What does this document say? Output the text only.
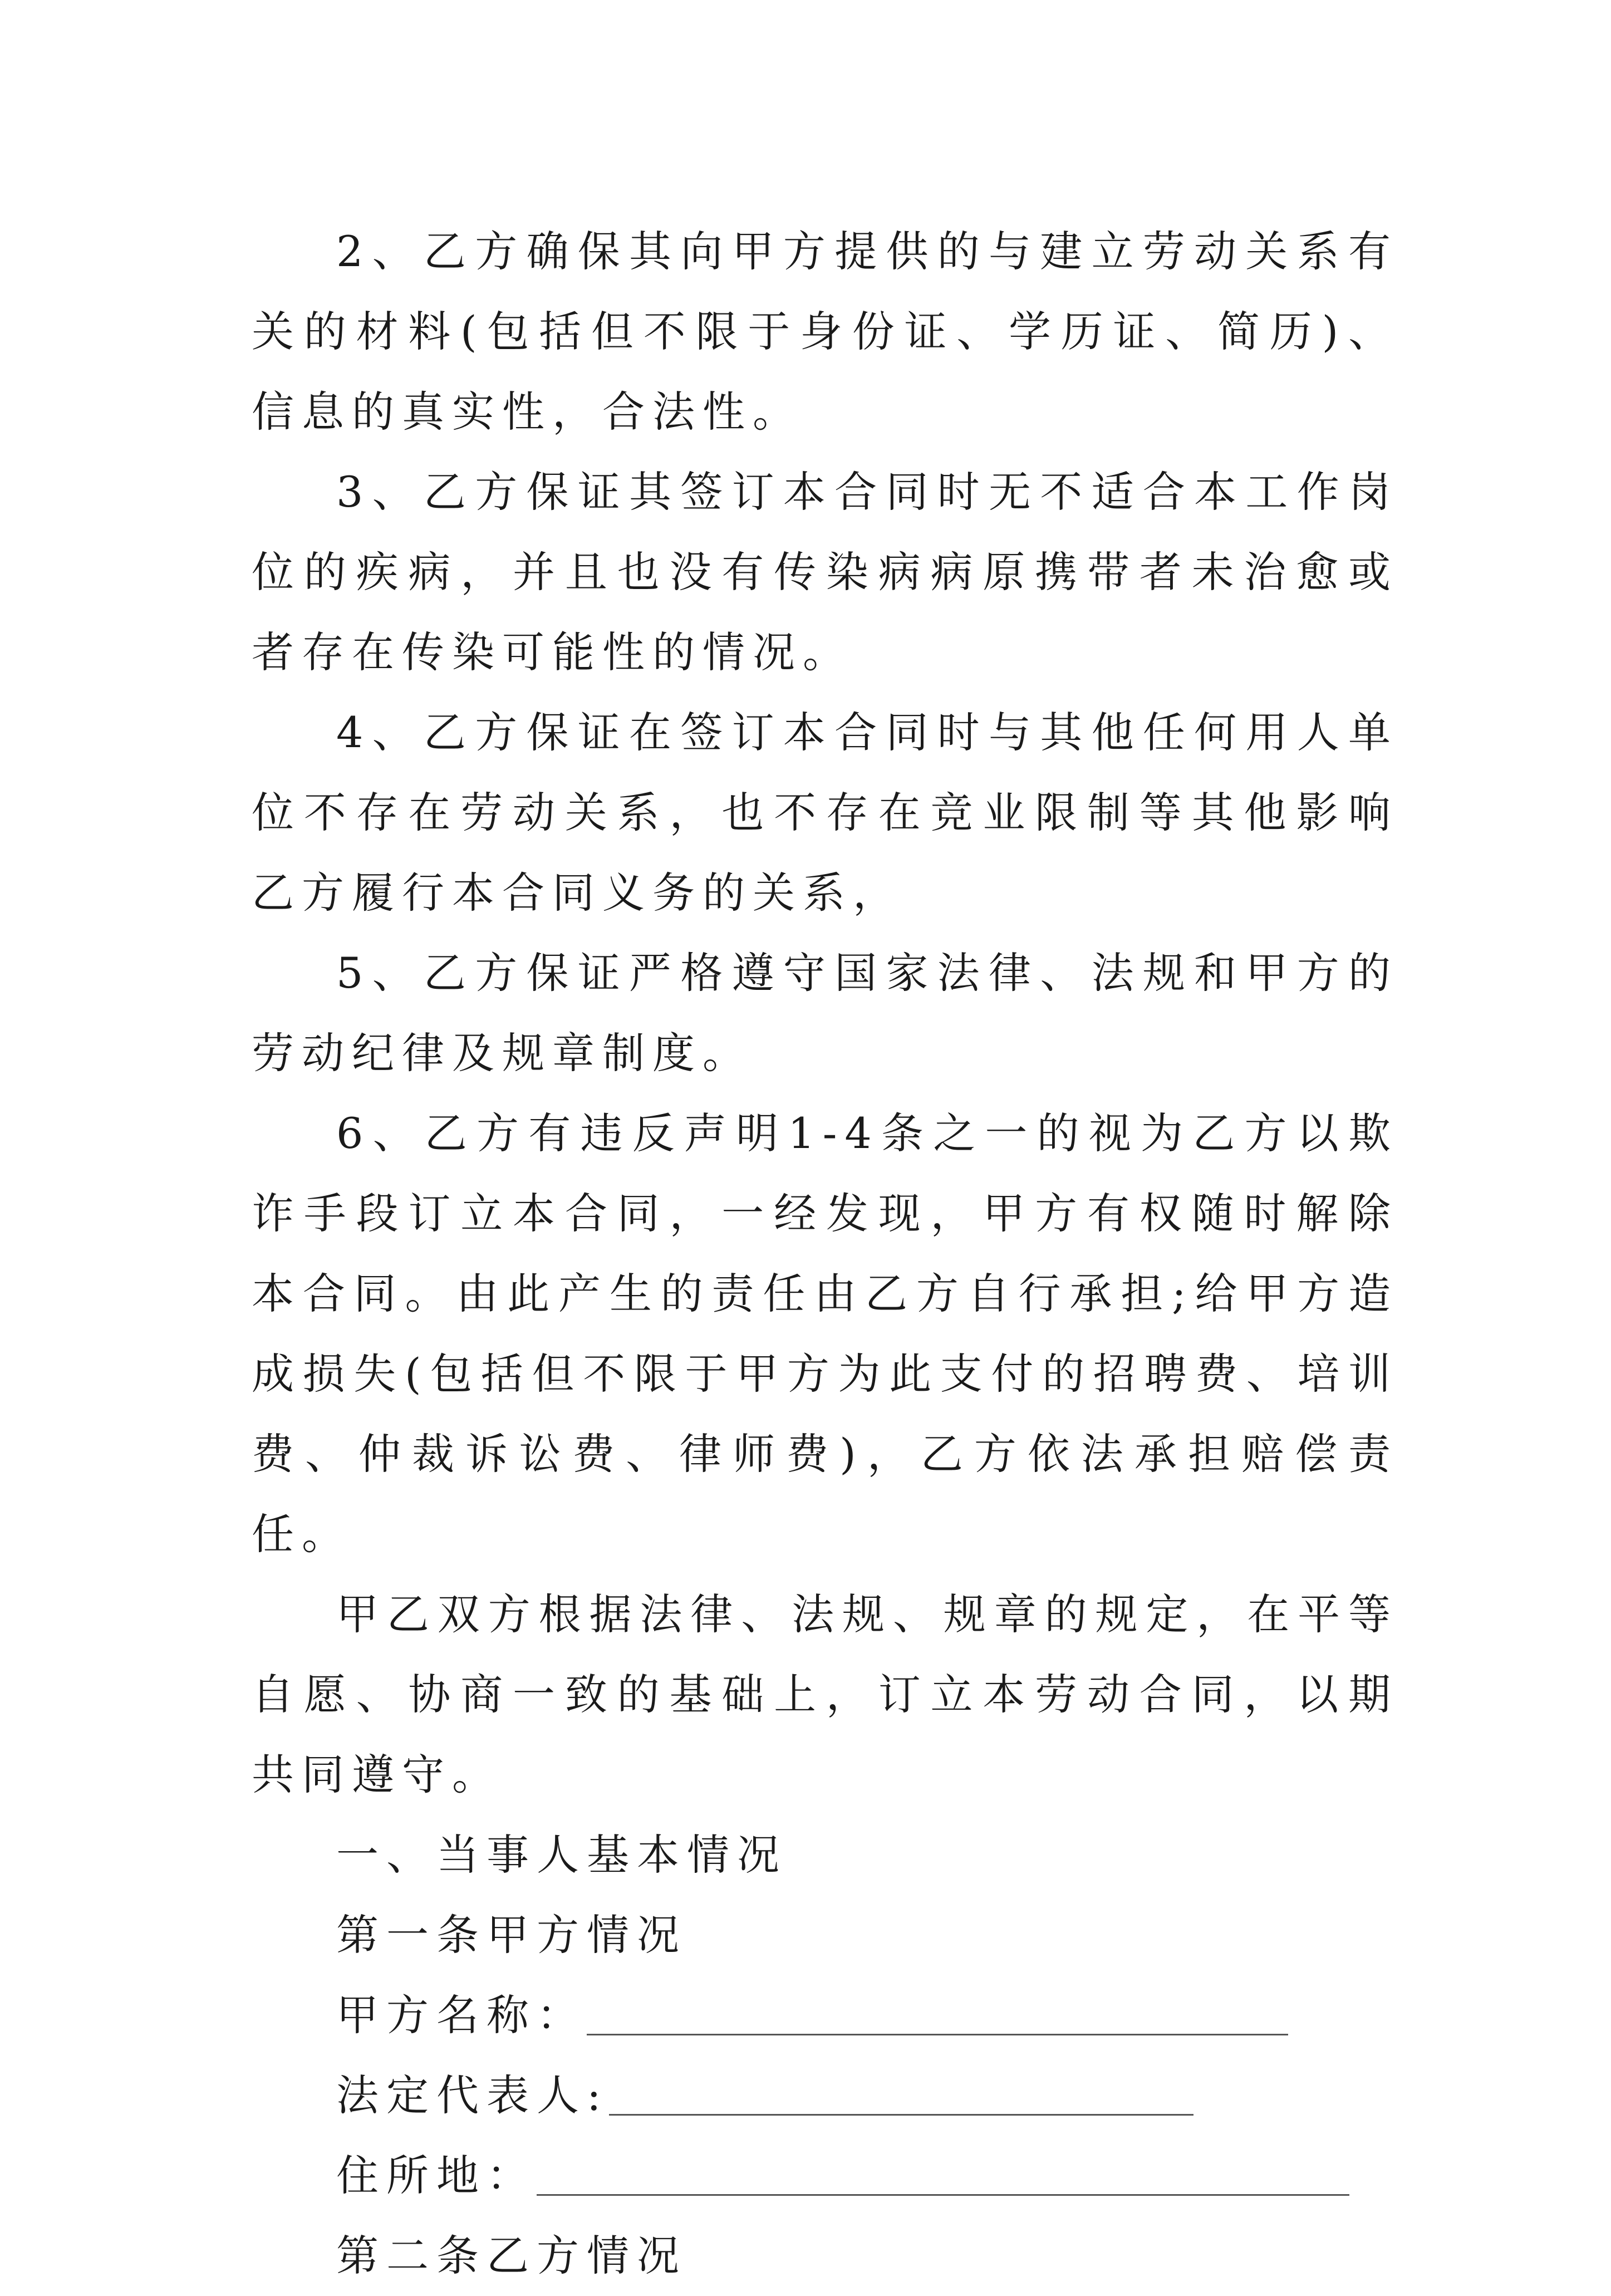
2、乙方确保其向甲方提供的与建立劳动关系有关的材料(包括但不限于身份证、学历证、简历)、信息的真实性，合法性。

3、乙方保证其签订本合同时无不适合本工作岗位的疾病，并且也没有传染病病原携带者未治愈或者存在传染可能性的情况。

4、乙方保证在签订本合同时与其他任何用人单位不存在劳动关系，也不存在竞业限制等其他影响乙方履行本合同义务的关系，

5、乙方保证严格遵守国家法律、法规和甲方的劳动纪律及规章制度。

6、乙方有违反声明1-4条之一的视为乙方以欺诈手段订立本合同，一经发现，甲方有权随时解除本合同。由此产生的责任由乙方自行承担;给甲方造成损失(包括但不限于甲方为此支付的招聘费、培训费、仲裁诉讼费、律师费)，乙方依法承担赔偿责任。

甲乙双方根据法律、法规、规章的规定，在平等自愿、协商一致的基础上，订立本劳动合同，以期共同遵守。

一、当事人基本情况

第一条甲方情况

甲方名称：

法定代表人:

住所地：

第二条乙方情况
